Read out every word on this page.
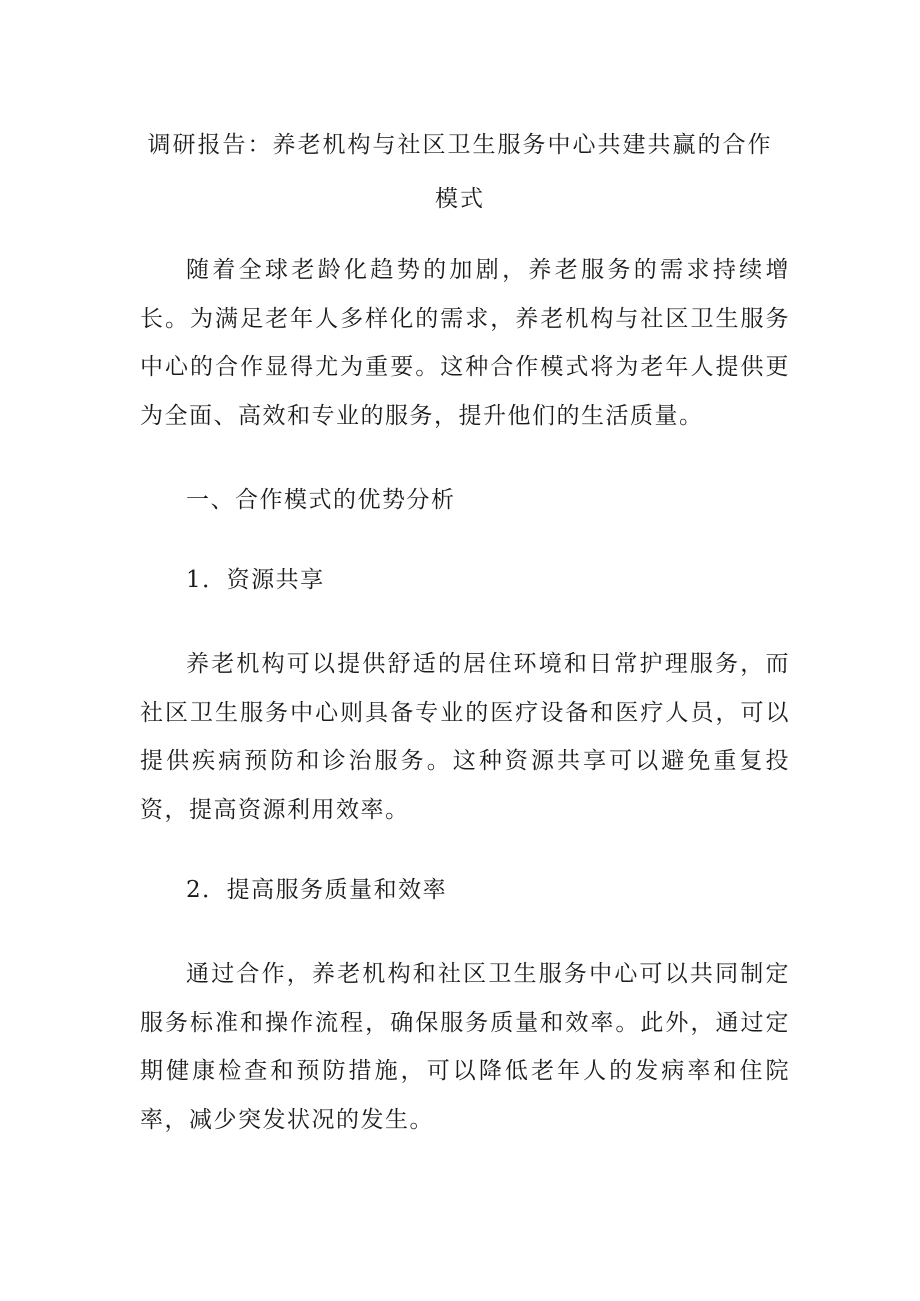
调研报告：养老机构与社区卫生服务中心共建共赢的合作模式

随着全球老龄化趋势的加剧，养老服务的需求持续增长。为满足老年人多样化的需求，养老机构与社区卫生服务中心的合作显得尤为重要。这种合作模式将为老年人提供更为全面、高效和专业的服务，提升他们的生活质量。

一、合作模式的优势分析
1．资源共享

养老机构可以提供舒适的居住环境和日常护理服务，而社区卫生服务中心则具备专业的医疗设备和医疗人员，可以提供疾病预防和诊治服务。这种资源共享可以避免重复投资，提高资源利用效率。

2．提高服务质量和效率

通过合作，养老机构和社区卫生服务中心可以共同制定服务标准和操作流程，确保服务质量和效率。此外，通过定期健康检查和预防措施，可以降低老年人的发病率和住院率，减少突发状况的发生。
